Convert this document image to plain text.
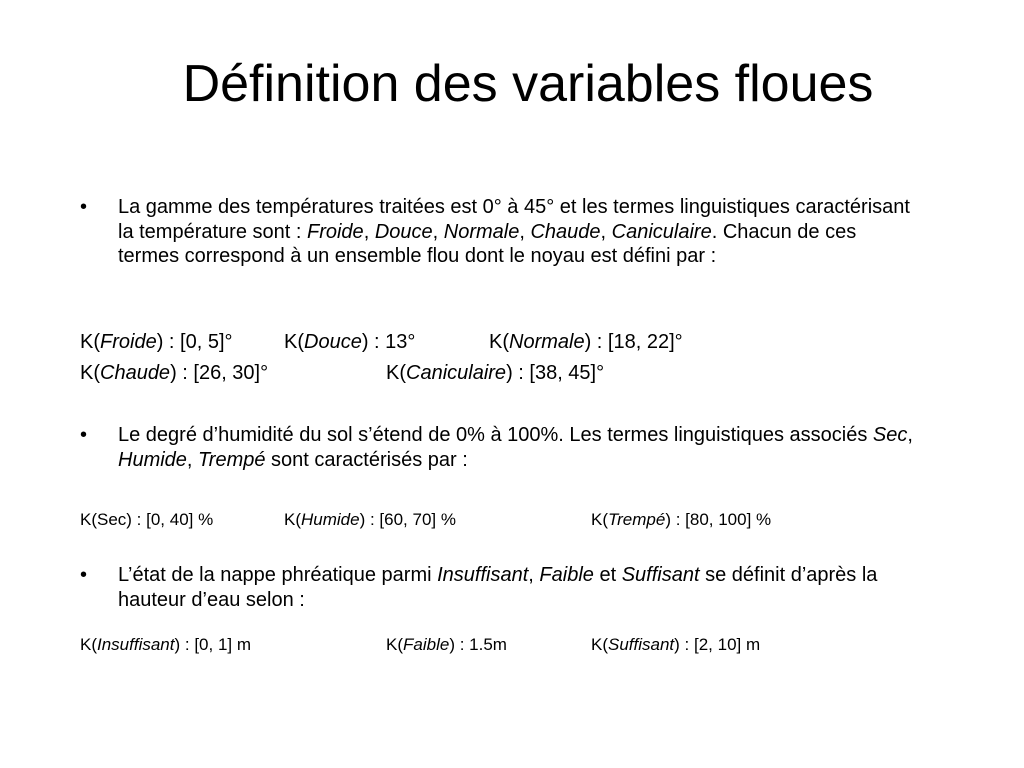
Définition des variables floues
•	La gamme des températures traitées est 0° à 45° et les termes linguistiques caractérisant la température sont : Froide, Douce, Normale, Chaude, Caniculaire. Chacun de ces termes correspond à un ensemble flou dont le noyau est défini par :
K(Froide) : [0, 5]°	K(Douce) : 13°	K(Normale) : [18, 22]°
K(Chaude) : [26, 30]°	K(Caniculaire) : [38, 45]°
•	Le degré d’humidité du sol s’étend de 0% à 100%. Les termes linguistiques associés Sec, Humide, Trempé sont caractérisés par :
K(Sec) : [0, 40] %	K(Humide) : [60, 70] %	K(Trempé) : [80, 100] %
•	L’état de la nappe phréatique parmi Insuffisant, Faible et Suffisant se définit d’après la hauteur d’eau selon :
K(Insuffisant) : [0, 1] m	K(Faible) : 1.5m	K(Suffisant) : [2, 10] m
